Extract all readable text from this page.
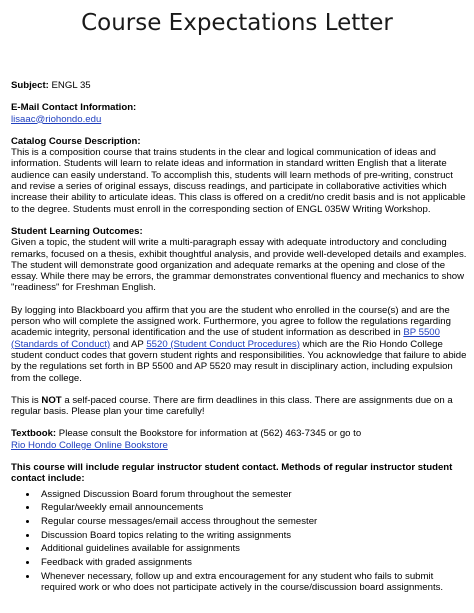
Course Expectations Letter

Subject: ENGL 35

E-Mail Contact Information:

lisaac@riohondo.edu

Catalog Course Description:

This is a composition course that trains students in the clear and logical communication of ideas and information. Students will learn to relate ideas and information in standard written English that a literate audience can easily understand. To accomplish this, students will learn methods of pre-writing, construct and revise a series of original essays, discuss readings, and participate in collaborative activities which increase their ability to articulate ideas. This class is offered on a credit/no credit basis and is not applicable to the degree. Students must enroll in the corresponding section of ENGL 035W Writing Workshop.

Student Learning Outcomes:

Given a topic, the student will write a multi-paragraph essay with adequate introductory and concluding remarks, focused on a thesis, exhibit thoughtful analysis, and provide well-developed details and examples. The student will demonstrate good organization and adequate remarks at the opening and close of the essay. While there may be errors, the grammar demonstrates conventional fluency and mechanics to show "readiness" for Freshman English.

By logging into Blackboard you affirm that you are the student who enrolled in the course(s) and are the person who will complete the assigned work. Furthermore, you agree to follow the regulations regarding academic integrity, personal identification and the use of student information as described in BP 5500 (Standards of Conduct) and AP 5520 (Student Conduct Procedures) which are the Rio Hondo College student conduct codes that govern student rights and responsibilities. You acknowledge that failure to abide by the regulations set forth in BP 5500 and AP 5520 may result in disciplinary action, including expulsion from the college.

This is NOT a self-paced course. There are firm deadlines in this class. There are assignments due on a regular basis. Please plan your time carefully!

Textbook: Please consult the Bookstore for information at (562) 463-7345 or go to

Rio Hondo College Online Bookstore

This course will include regular instructor student contact. Methods of regular instructor student contact include:

• Assigned Discussion Board forum throughout the semester
• Regular/weekly email announcements
• Regular course messages/email access throughout the semester
• Discussion Board topics relating to the writing assignments
• Additional guidelines available for assignments
• Feedback with graded assignments
• Whenever necessary, follow up and extra encouragement for any student who fails to submit required work or who does not participate actively in the course/discussion board assignments.
